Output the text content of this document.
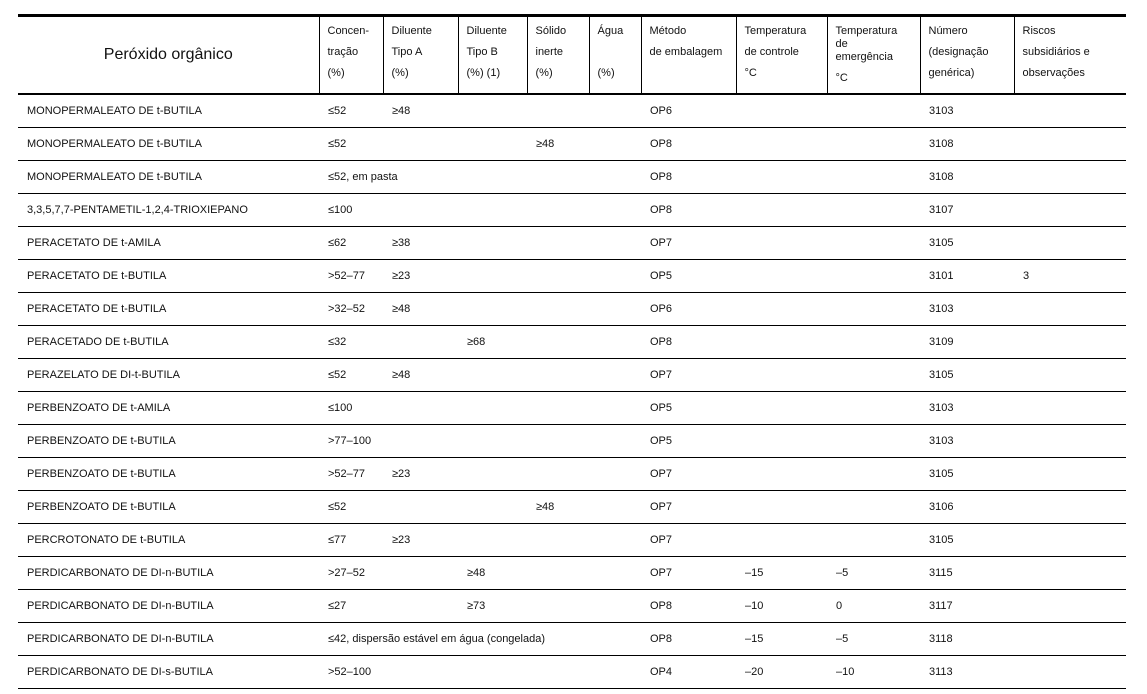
Peróxido orgânico	Concen-
tração
(%)	Diluente
Tipo A
(%)	Diluente
Tipo B
(%) (1)	Sólido
inerte
(%)	Água
(%)	Método
de embalagem	Temperatura
de controle
°C	Temperatura
de
emergência
°C	Número
(designação
genérica)	Riscos
subsidiários e
observações

MONOPERMALEATO DE t-BUTILA	≤52	≥48				OP6			3103	
MONOPERMALEATO DE t-BUTILA	≤52			≥48		OP8			3108	
MONOPERMALEATO DE t-BUTILA	≤52, em pasta					OP8			3108	
3,3,5,7,7-PENTAMETIL-1,2,4-TRIOXIEPANO	≤100					OP8			3107	
PERACETATO DE t-AMILA	≤62	≥38				OP7			3105	
PERACETATO DE t-BUTILA	>52–77	≥23				OP5			3101	3
PERACETATO DE t-BUTILA	>32–52	≥48				OP6			3103	
PERACETADO DE t-BUTILA	≤32		≥68			OP8			3109	
PERAZELATO DE DI-t-BUTILA	≤52	≥48				OP7			3105	
PERBENZOATO DE t-AMILA	≤100					OP5			3103	
PERBENZOATO DE t-BUTILA	>77–100					OP5			3103	
PERBENZOATO DE t-BUTILA	>52–77	≥23				OP7			3105	
PERBENZOATO DE t-BUTILA	≤52			≥48		OP7			3106	
PERCROTONATO DE t-BUTILA	≤77	≥23				OP7			3105	
PERDICARBONATO DE DI-n-BUTILA	>27–52		≥48			OP7	–15	–5	3115	
PERDICARBONATO DE DI-n-BUTILA	≤27		≥73			OP8	–10	0	3117	
PERDICARBONATO DE DI-n-BUTILA	≤42, dispersão estável em água (congelada)					OP8	–15	–5	3118	
PERDICARBONATO DE DI-s-BUTILA	>52–100					OP4	–20	–10	3113	
